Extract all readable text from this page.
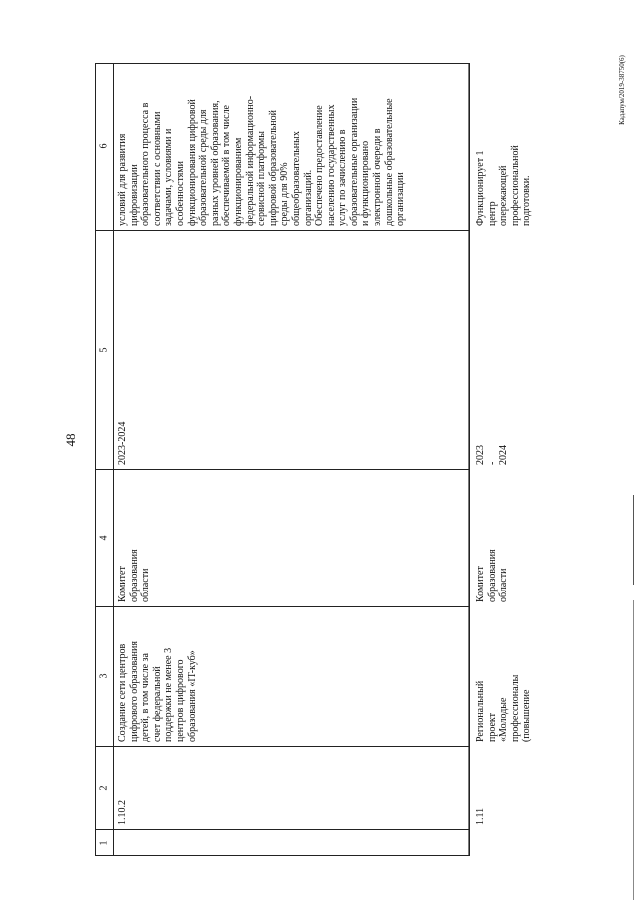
48
Кадапум/2019-38750(6)
1
2
3
4
5
6
1.10.2
Создание сети центров
цифрового образования
детей, в том числе за
счет федеральной
поддержки не менее 3
центров цифрового
образования «IT-куб»
Комитет
образования
области
2023-2024
условий для развития
цифровизации
образовательного процесса в
соответствии с основными
задачами, условиями и
особенностями
функционирования цифровой
образовательной среды для
разных уровней образования,
обеспечиваемой в том числе
функционированием
федеральной информационно-
сервисной платформы
цифровой образовательной
среды для 90%
общеобразовательных
организаций.
Обеспечено предоставление
населению государственных
услуг по зачислению в
образовательные организации
и функционировано
электронной очереди в
дошкольные образовательные
организации
1.11
Региональный проект
«Молодые
профессионалы
(повышение
Комитет
образования
области
2023 - 2024
Функционирует 1 центр
опережающей
профессиональной
подготовки.
